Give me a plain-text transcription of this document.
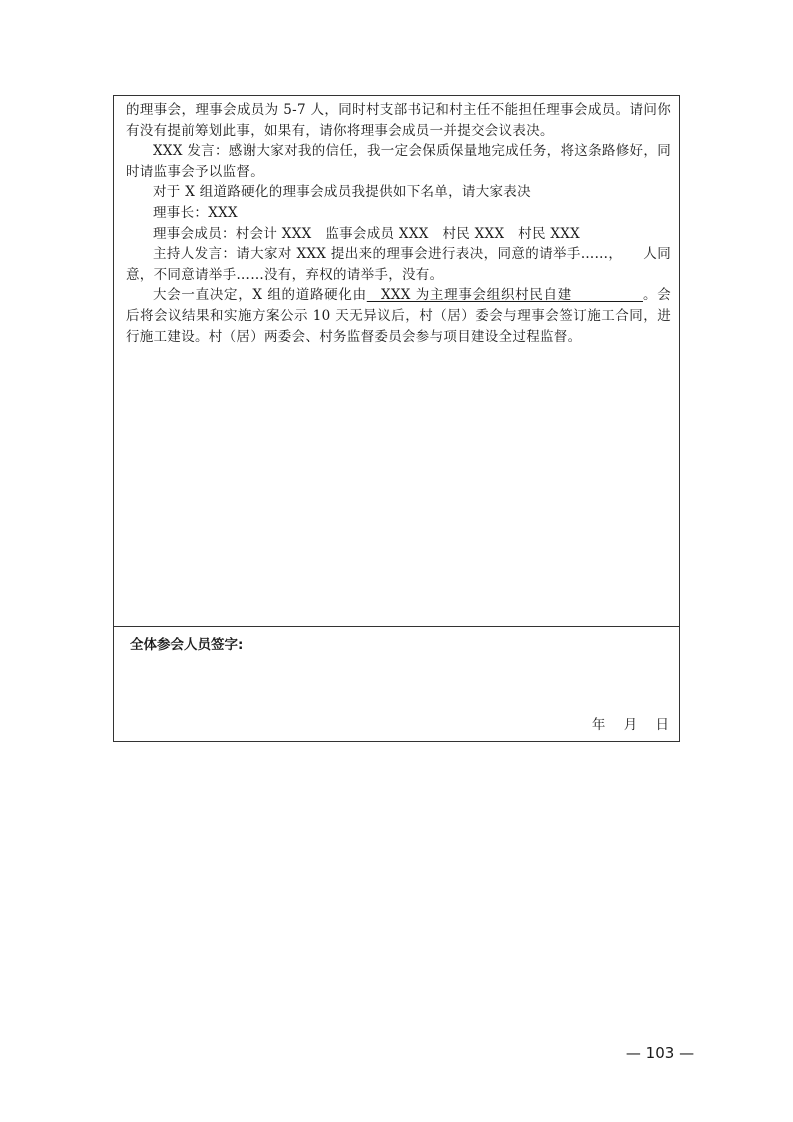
的理事会，理事会成员为 5-7 人，同时村支部书记和村主任不能担任理事会成员。请问你有没有提前筹划此事，如果有，请你将理事会成员一并提交会议表决。

XXX 发言：感谢大家对我的信任，我一定会保质保量地完成任务，将这条路修好，同时请监事会予以监督。

对于 X 组道路硬化的理事会成员我提供如下名单，请大家表决

理事长：XXX

理事会成员：村会计 XXX　监事会成员 XXX　村民 XXX　村民 XXX

主持人发言：请大家对 XXX 提出来的理事会进行表决，同意的请举手……，　　人同意，不同意请举手……没有，弃权的请举手，没有。

大会一直决定，X 组的道路硬化由　XXX 为主理事会组织村民自建　　　　　。会后将会议结果和实施方案公示 10 天无异议后，村（居）委会与理事会签订施工合同，进行施工建设。村（居）两委会、村务监督委员会参与项目建设全过程监督。

全体参会人员签字:
年 月 日
— 103 —
